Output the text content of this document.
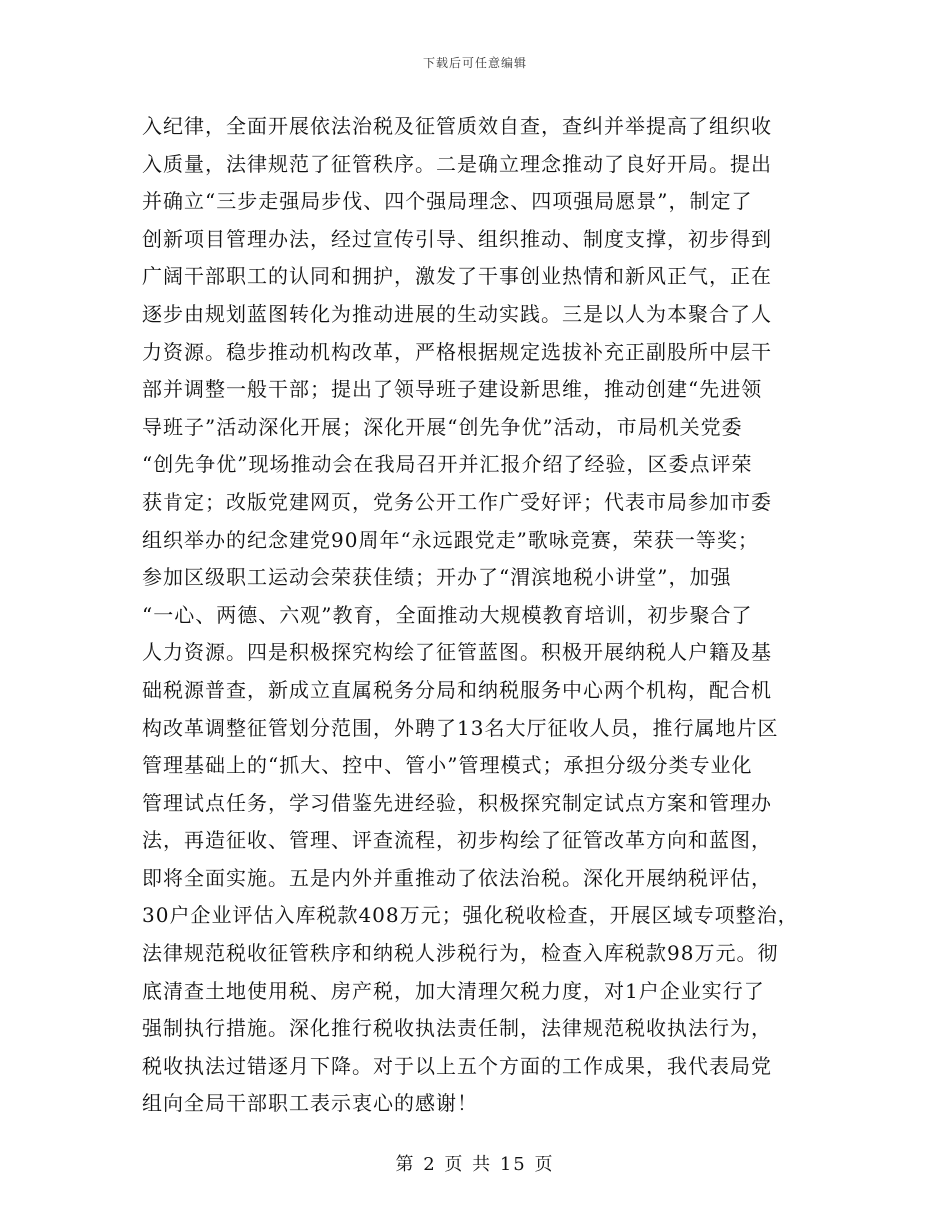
下载后可任意编辑
入纪律，全面开展依法治税及征管质效自查，查纠并举提高了组织收
入质量，法律规范了征管秩序。二是确立理念推动了良好开局。提出
并确立“三步走强局步伐、四个强局理念、四项强局愿景”，制定了
创新项目管理办法，经过宣传引导、组织推动、制度支撑，初步得到
广阔干部职工的认同和拥护，激发了干事创业热情和新风正气，正在
逐步由规划蓝图转化为推动进展的生动实践。三是以人为本聚合了人
力资源。稳步推动机构改革，严格根据规定选拔补充正副股所中层干
部并调整一般干部；提出了领导班子建设新思维，推动创建“先进领
导班子”活动深化开展；深化开展“创先争优”活动，市局机关党委
“创先争优”现场推动会在我局召开并汇报介绍了经验，区委点评荣
获肯定；改版党建网页，党务公开工作广受好评；代表市局参加市委
组织举办的纪念建党90周年“永远跟党走”歌咏竞赛，荣获一等奖；
参加区级职工运动会荣获佳绩；开办了“渭滨地税小讲堂”，加强
“一心、两德、六观”教育，全面推动大规模教育培训，初步聚合了
人力资源。四是积极探究构绘了征管蓝图。积极开展纳税人户籍及基
础税源普查，新成立直属税务分局和纳税服务中心两个机构，配合机
构改革调整征管划分范围，外聘了13名大厅征收人员，推行属地片区
管理基础上的“抓大、控中、管小”管理模式；承担分级分类专业化
管理试点任务，学习借鉴先进经验，积极探究制定试点方案和管理办
法，再造征收、管理、评查流程，初步构绘了征管改革方向和蓝图，
即将全面实施。五是内外并重推动了依法治税。深化开展纳税评估，
30户企业评估入库税款408万元；强化税收检查，开展区域专项整治，
法律规范税收征管秩序和纳税人涉税行为，检查入库税款98万元。彻
底清查土地使用税、房产税，加大清理欠税力度，对1户企业实行了
强制执行措施。深化推行税收执法责任制，法律规范税收执法行为，
税收执法过错逐月下降。对于以上五个方面的工作成果，我代表局党
组向全局干部职工表示衷心的感谢！
第 2 页 共 15 页
